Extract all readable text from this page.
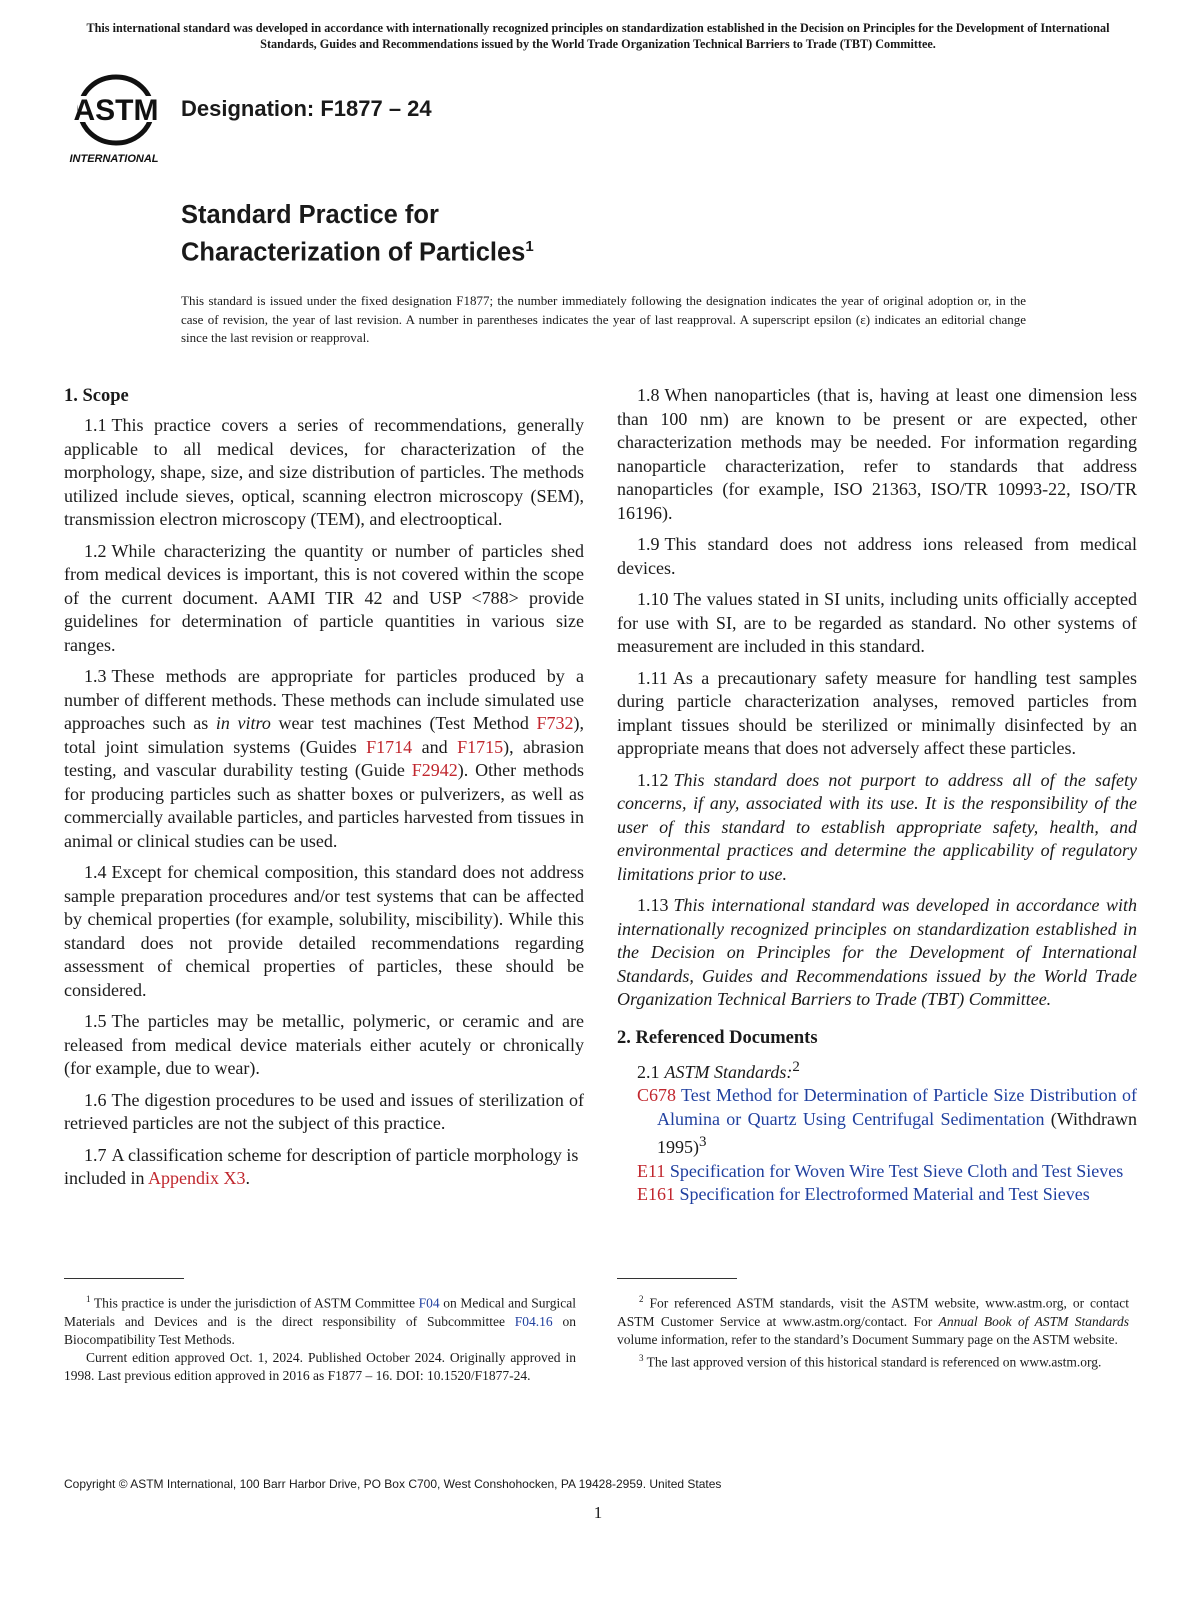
This international standard was developed in accordance with internationally recognized principles on standardization established in the Decision on Principles for the Development of International Standards, Guides and Recommendations issued by the World Trade Organization Technical Barriers to Trade (TBT) Committee.
ASTM
INTERNATIONAL
Designation: F1877 – 24
Standard Practice for
Characterization of Particles$^1$
This standard is issued under the fixed designation F1877; the number immediately following the designation indicates the year of original adoption or, in the case of revision, the year of last revision. A number in parentheses indicates the year of last reapproval. A superscript epsilon (ε) indicates an editorial change since the last revision or reapproval.
1. Scope

1.1 This practice covers a series of recommendations, generally applicable to all medical devices, for characterization of the morphology, shape, size, and size distribution of particles. The methods utilized include sieves, optical, scanning electron microscopy (SEM), transmission electron microscopy (TEM), and electrooptical.

1.2 While characterizing the quantity or number of particles shed from medical devices is important, this is not covered within the scope of the current document. AAMI TIR 42 and USP <788> provide guidelines for determination of particle quantities in various size ranges.

1.3 These methods are appropriate for particles produced by a number of different methods. These methods can include simulated use approaches such as in vitro wear test machines (Test Method F732), total joint simulation systems (Guides F1714 and F1715), abrasion testing, and vascular durability testing (Guide F2942). Other methods for producing particles such as shatter boxes or pulverizers, as well as commercially available particles, and particles harvested from tissues in animal or clinical studies can be used.

1.4 Except for chemical composition, this standard does not address sample preparation procedures and/or test systems that can be affected by chemical properties (for example, solubility, miscibility). While this standard does not provide detailed recommendations regarding assessment of chemical properties of particles, these should be considered.

1.5 The particles may be metallic, polymeric, or ceramic and are released from medical device materials either acutely or chronically (for example, due to wear).

1.6 The digestion procedures to be used and issues of sterilization of retrieved particles are not the subject of this practice.

1.7 A classification scheme for description of particle morphology is included in Appendix X3.

1.8 When nanoparticles (that is, having at least one dimension less than 100 nm) are known to be present or are expected, other characterization methods may be needed. For information regarding nanoparticle characterization, refer to standards that address nanoparticles (for example, ISO 21363, ISO/TR 10993-22, ISO/TR 16196).

1.9 This standard does not address ions released from medical devices.

1.10 The values stated in SI units, including units officially accepted for use with SI, are to be regarded as standard. No other systems of measurement are included in this standard.

1.11 As a precautionary safety measure for handling test samples during particle characterization analyses, removed particles from implant tissues should be sterilized or minimally disinfected by an appropriate means that does not adversely affect these particles.

1.12 This standard does not purport to address all of the safety concerns, if any, associated with its use. It is the responsibility of the user of this standard to establish appropriate safety, health, and environmental practices and determine the applicability of regulatory limitations prior to use.

1.13 This international standard was developed in accordance with internationally recognized principles on standardization established in the Decision on Principles for the Development of International Standards, Guides and Recommendations issued by the World Trade Organization Technical Barriers to Trade (TBT) Committee.

2. Referenced Documents

2.1 ASTM Standards:$^2$

C678 Test Method for Determination of Particle Size Distribution of Alumina or Quartz Using Centrifugal Sedimentation (Withdrawn 1995)$^3$
E11 Specification for Woven Wire Test Sieve Cloth and Test Sieves
E161 Specification for Electroformed Material and Test Sieves

$^1$ This practice is under the jurisdiction of ASTM Committee F04 on Medical and Surgical Materials and Devices and is the direct responsibility of Subcommittee F04.16 on Biocompatibility Test Methods.

Current edition approved Oct. 1, 2024. Published October 2024. Originally approved in 1998. Last previous edition approved in 2016 as F1877 – 16. DOI: 10.1520/F1877-24.

$^2$ For referenced ASTM standards, visit the ASTM website, www.astm.org, or contact ASTM Customer Service at www.astm.org/contact. For Annual Book of ASTM Standards volume information, refer to the standard’s Document Summary page on the ASTM website.

$^3$ The last approved version of this historical standard is referenced on www.astm.org.

Copyright © ASTM International, 100 Barr Harbor Drive, PO Box C700, West Conshohocken, PA 19428-2959. United States
1
